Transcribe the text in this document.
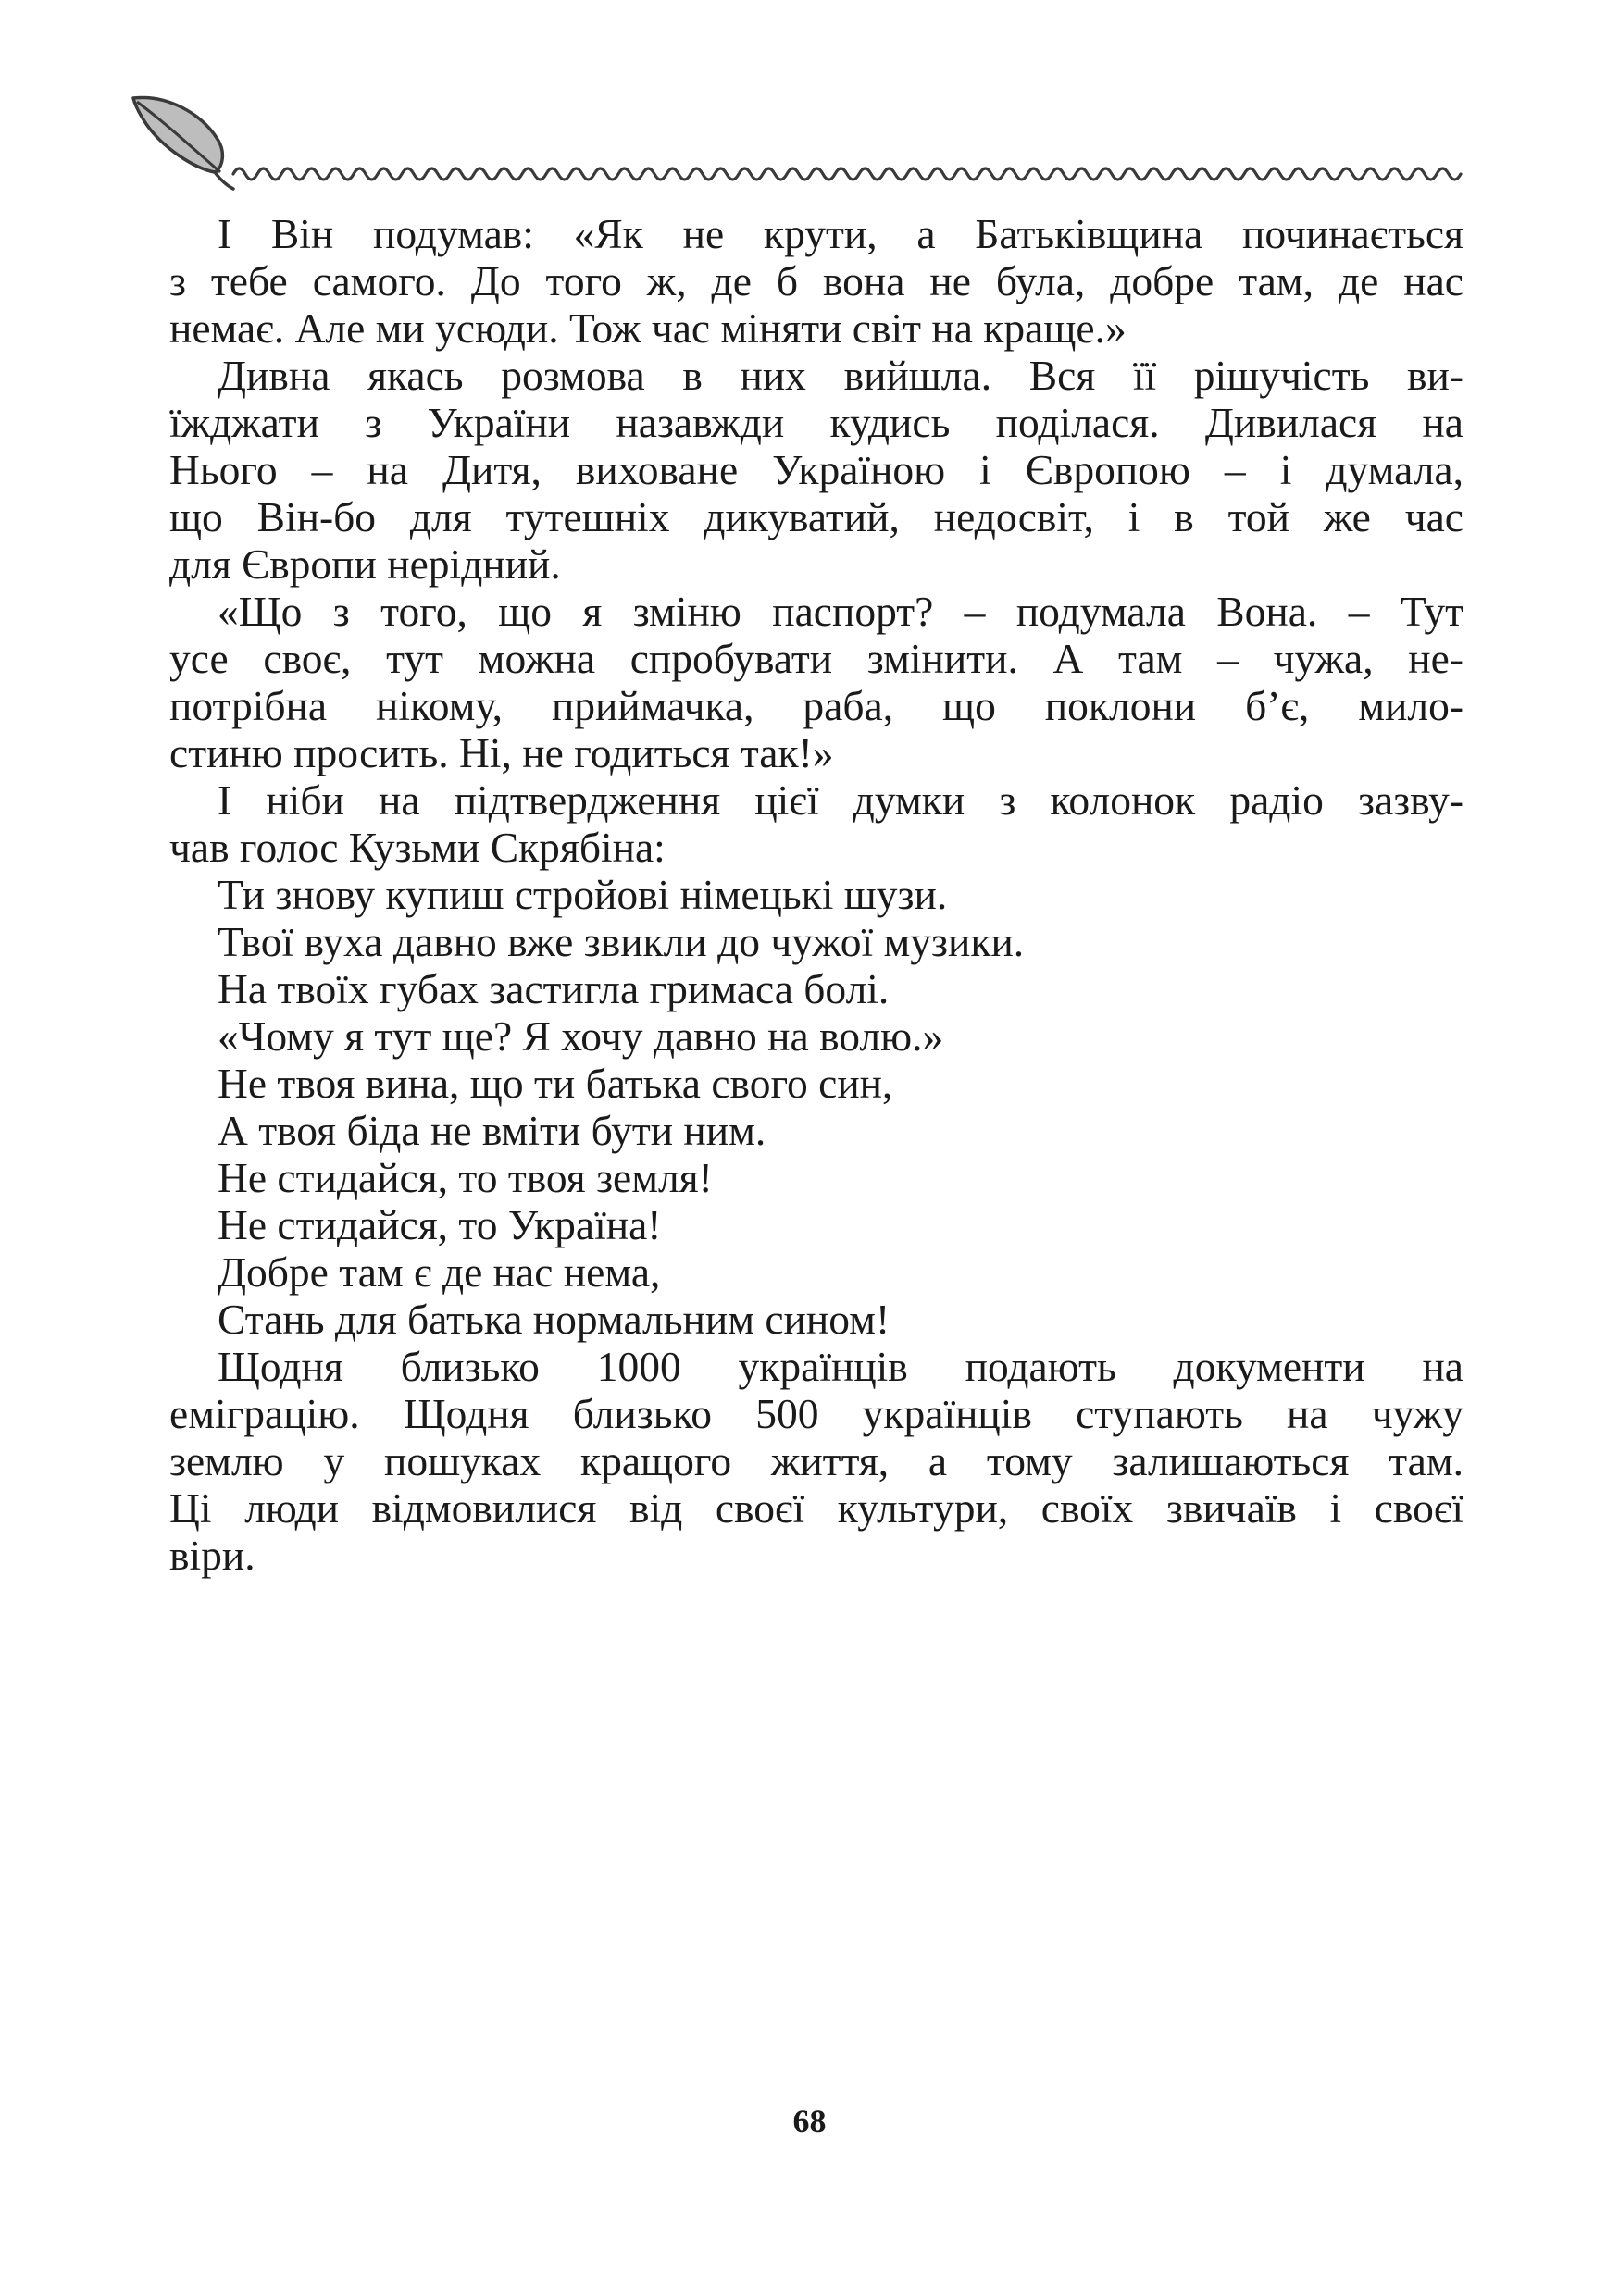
І Він подумав: «Як не крути, а Батьківщина починається
з тебе самого. До того ж, де б вона не була, добре там, де нас
немає. Але ми усюди. Тож час міняти світ на краще.»
Дивна якась розмова в них вийшла. Вся її рішучість ви-
їжджати з України назавжди кудись поділася. Дивилася на
Нього – на Дитя, виховане Україною і Європою – і думала,
що Він-бо для тутешніх дикуватий, недосвіт, і в той же час
для Європи нерідний.
«Що з того, що я зміню паспорт? – подумала Вона. – Тут
усе своє, тут можна спробувати змінити. А там – чужа, не-
потрібна нікому, приймачка, раба, що поклони б’є, мило-
стиню просить. Ні, не годиться так!»
І ніби на підтвердження цієї думки з колонок радіо зазву-
чав голос Кузьми Скрябіна:
Ти знову купиш стройові німецькі шузи.
Твої вуха давно вже звикли до чужої музики.
На твоїх губах застигла гримаса болі.
«Чому я тут ще? Я хочу давно на волю.»
Не твоя вина, що ти батька свого син,
А твоя біда не вміти бути ним.
Не стидайся, то твоя земля!
Не стидайся, то Україна!
Добре там є де нас нема,
Стань для батька нормальним сином!
Щодня близько 1000 українців подають документи на
еміграцію. Щодня близько 500 українців ступають на чужу
землю у пошуках кращого життя, а тому залишаються там.
Ці люди відмовилися від своєї культури, своїх звичаїв і своєї
віри.
68
